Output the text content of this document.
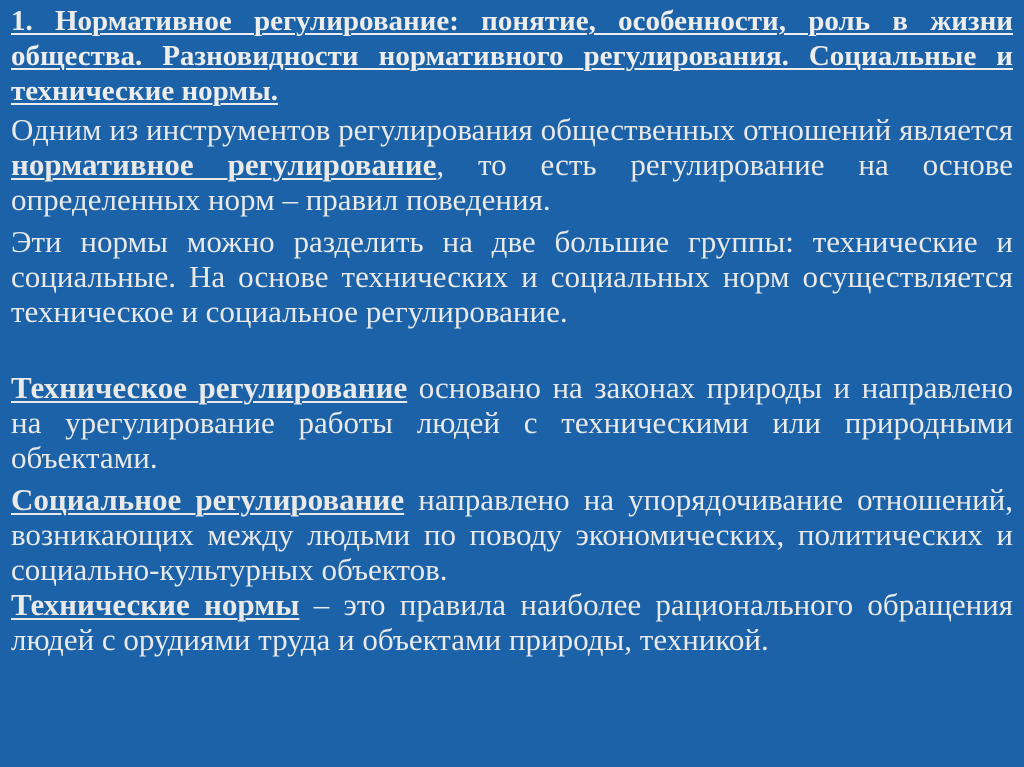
1. Нормативное регулирование: понятие, особенности, роль в жизни общества. Разновидности нормативного регулирования. Социальные и технические нормы.
Одним из инструментов регулирования общественных отношений является нормативное регулирование, то есть регулирование на основе определенных норм – правил поведения.
Эти нормы можно разделить на две большие группы: технические и социальные. На основе технических и социальных норм осуществляется техническое и социальное регулирование.
Техническое регулирование основано на законах природы и направлено на урегулирование работы людей с техническими или природными объектами.
Социальное регулирование направлено на упорядочивание отношений, возникающих между людьми по поводу экономических, политических и социально-культурных объектов.
Технические нормы – это правила наиболее рационального обращения людей с орудиями труда и объектами природы, техникой.
